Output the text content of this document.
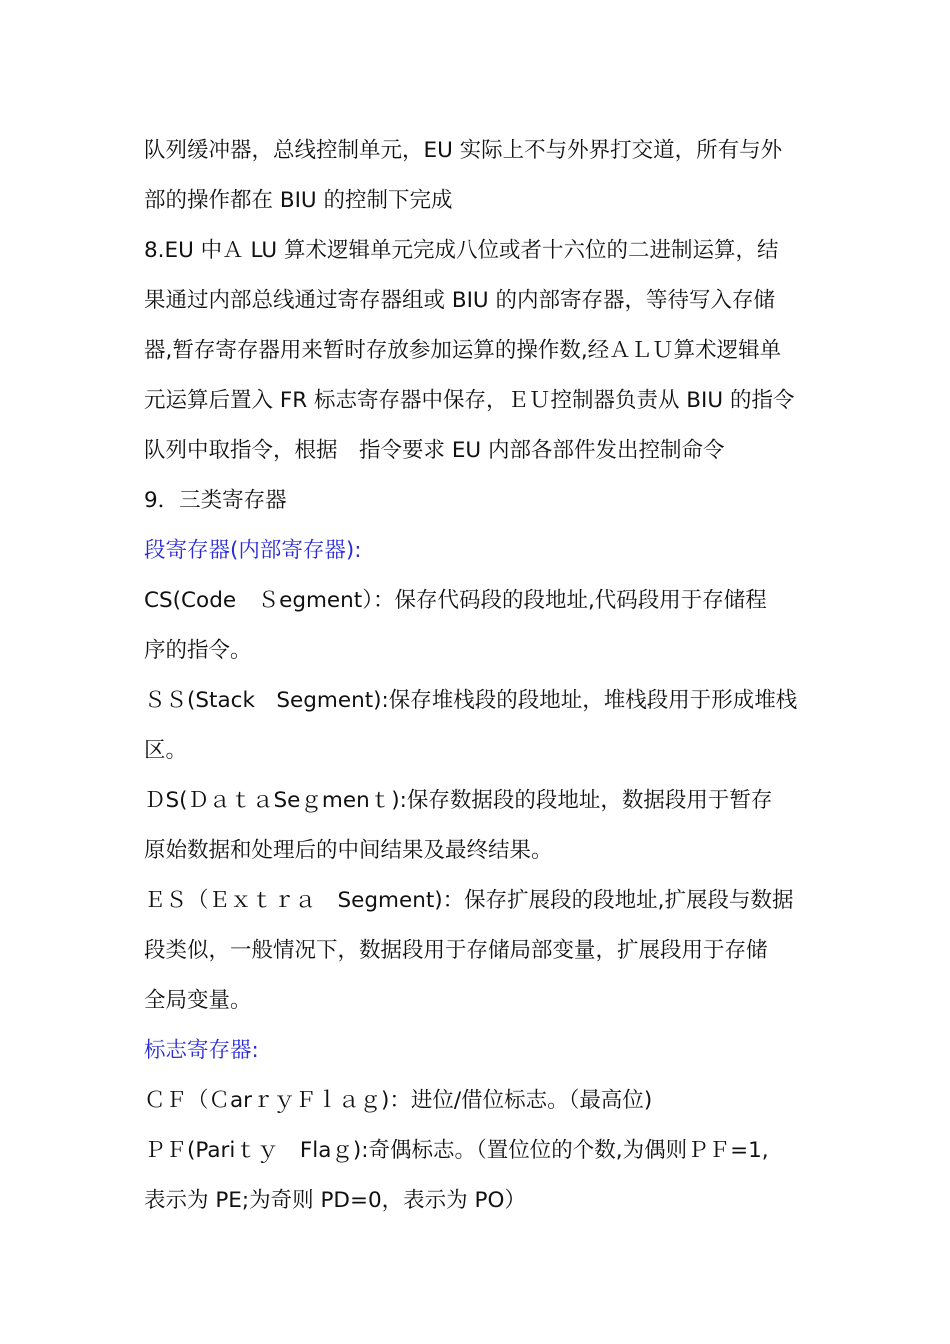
队列缓冲器，总线控制单元，EU 实际上不与外界打交道，所有与外
部的操作都在 BIU 的控制下完成
8.EU 中Ａ LU 算术逻辑单元完成八位或者十六位的二进制运算，结
果通过内部总线通过寄存器组或 BIU 的内部寄存器，等待写入存储
器,暂存寄存器用来暂时存放参加运算的操作数,经ＡＬＵ算术逻辑单
元运算后置入 FR 标志寄存器中保存，ＥＵ控制器负责从 BIU 的指令
队列中取指令，根据　指令要求 EU 内部各部件发出控制命令
9．三类寄存器
段寄存器(内部寄存器):
CS(Code　Ｓegment）：保存代码段的段地址,代码段用于存储程
序的指令。
ＳＳ(Stack　Segment):保存堆栈段的段地址，堆栈段用于形成堆栈
区。
ＤS(ＤａｔａSeｇmenｔ):保存数据段的段地址，数据段用于暂存
原始数据和处理后的中间结果及最终结果。
ＥＳ（Ｅｘｔｒａ　Segment)：保存扩展段的段地址,扩展段与数据
段类似，一般情况下，数据段用于存储局部变量，扩展段用于存储
全局变量。
标志寄存器:
ＣＦ（ＣarｒｙＦｌａｇ)：进位/借位标志。（最高位)
ＰＦ(Pariｔｙ　Flaｇ):奇偶标志。（置位位的个数,为偶则ＰＦ=1,
表示为 PE;为奇则 PD=0，表示为 PO）
